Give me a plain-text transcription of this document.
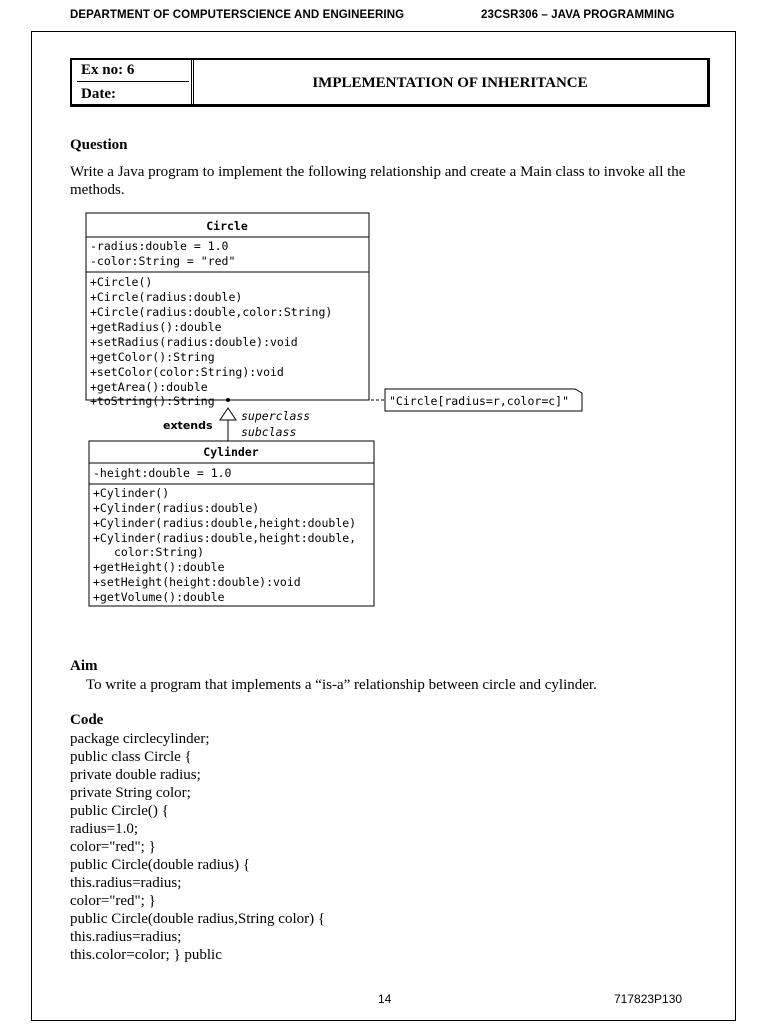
DEPARTMENT OF COMPUTERSCIENCE AND ENGINEERING	23CSR306 – JAVA PROGRAMMING
Ex no: 6
Date:
IMPLEMENTATION OF INHERITANCE
Question
Write a Java program to implement the following relationship and create a Main class to invoke all the methods.
Circle
-radius:double = 1.0
-color:String = "red"
+Circle()
+Circle(radius:double)
+Circle(radius:double,color:String)
+getRadius():double
+setRadius(radius:double):void
+getColor():String
+setColor(color:String):void
+getArea():double
+toString():String	"Circle[radius=r,color=c]"
extends
superclass
subclass
Cylinder
-height:double = 1.0
+Cylinder()
+Cylinder(radius:double)
+Cylinder(radius:double,height:double)
+Cylinder(radius:double,height:double,
color:String)
+getHeight():double
+setHeight(height:double):void
+getVolume():double
Aim
To write a program that implements a “is-a” relationship between circle and cylinder.
Code
package circlecylinder;
public class Circle {
private double radius;
private String color;
public Circle() {
radius=1.0;
color="red"; }
public Circle(double radius) {
this.radius=radius;
color="red"; }
public Circle(double radius,String color) {
this.radius=radius;
this.color=color; } public
14	717823P130
